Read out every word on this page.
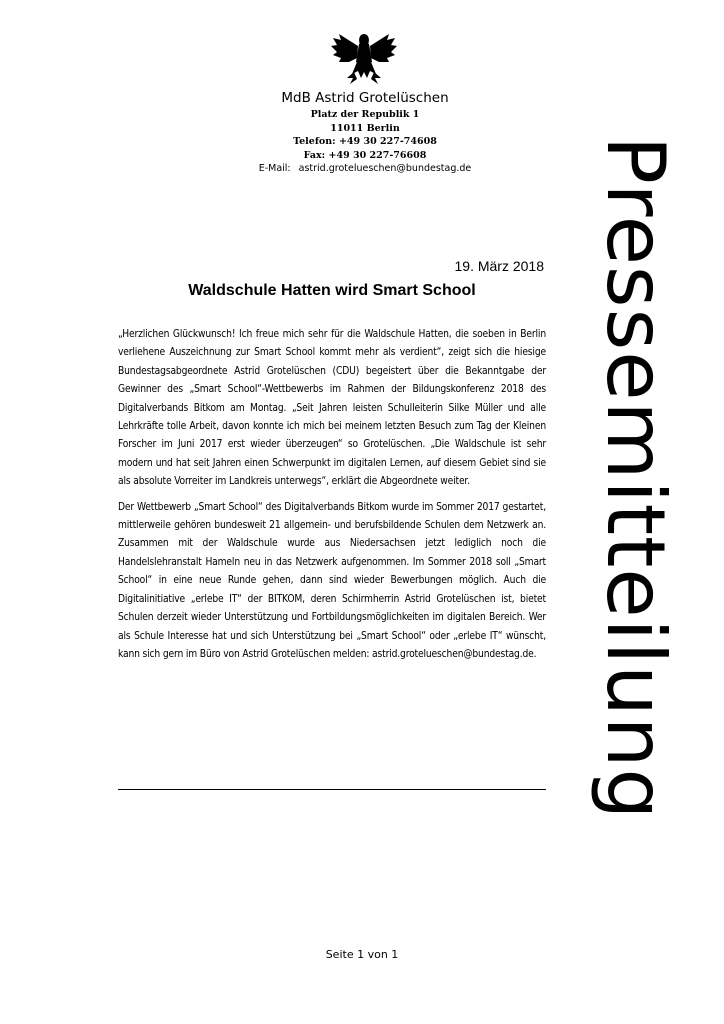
MdB Astrid Grotelüschen
Platz der Republik 1
11011 Berlin
Telefon: +49 30 227-74608
Fax: +49 30 227-76608
E-Mail: astrid.grotelueschen@bundestag.de	Pressemitteilung
19. März 2018
Waldschule Hatten wird Smart School

„Herzlichen Glückwunsch! Ich freue mich sehr für die Waldschule Hatten, die soeben in Berlin verliehene Auszeichnung zur Smart School kommt mehr als verdient“, zeigt sich die hiesige Bundestagsabgeordnete Astrid Grotelüschen (CDU) begeistert über die Bekanntgabe der Gewinner des „Smart School“-Wettbewerbs im Rahmen der Bildungskonferenz 2018 des Digitalverbands Bitkom am Montag. „Seit Jahren leisten Schulleiterin Silke Müller und alle Lehrkräfte tolle Arbeit, davon konnte ich mich bei meinem letzten Besuch zum Tag der Kleinen Forscher im Juni 2017 erst wieder überzeugen“ so Grotelüschen. „Die Waldschule ist sehr modern und hat seit Jahren einen Schwerpunkt im digitalen Lernen, auf diesem Gebiet sind sie als absolute Vorreiter im Landkreis unterwegs“, erklärt die Abgeordnete weiter.

Der Wettbewerb „Smart School“ des Digitalverbands Bitkom wurde im Sommer 2017 gestartet, mittlerweile gehören bundesweit 21 allgemein- und berufsbildende Schulen dem Netzwerk an. Zusammen mit der Waldschule wurde aus Niedersachsen jetzt lediglich noch die Handelslehranstalt Hameln neu in das Netzwerk aufgenommen. Im Sommer 2018 soll „Smart School“ in eine neue Runde gehen, dann sind wieder Bewerbungen möglich. Auch die Digitalinitiative „erlebe IT“ der BITKOM, deren Schirmherrin Astrid Grotelüschen ist, bietet Schulen derzeit wieder Unterstützung und Fortbildungsmöglichkeiten im digitalen Bereich. Wer als Schule Interesse hat und sich Unterstützung bei „Smart School“ oder „erlebe IT“ wünscht, kann sich gern im Büro von Astrid Grotelüschen melden: astrid.grotelueschen@bundestag.de.

Seite 1 von 1
